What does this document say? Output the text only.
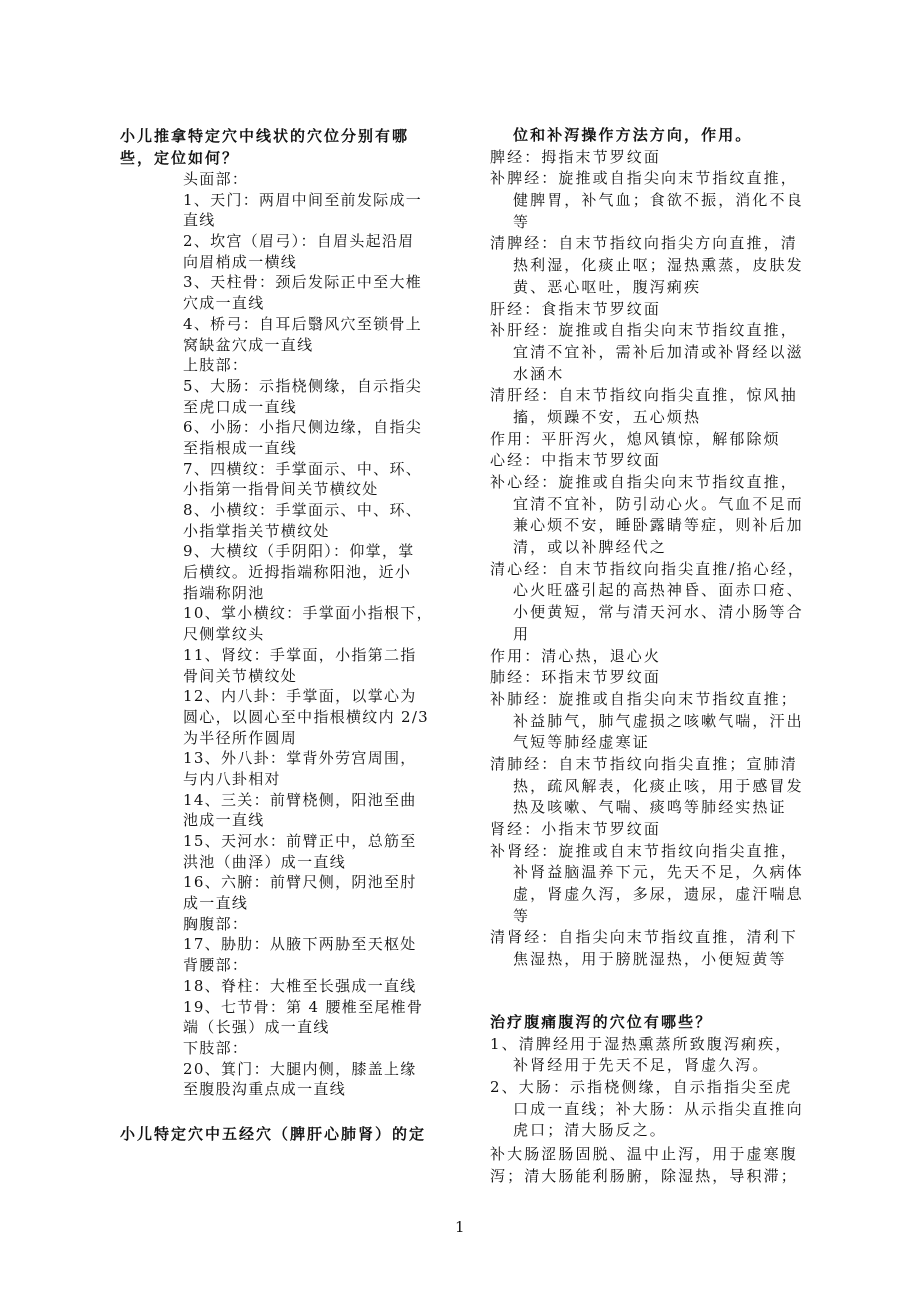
小儿推拿特定穴中线状的穴位分别有哪
些，定位如何？
头面部：
1、天门：两眉中间至前发际成一
直线
2、坎宫（眉弓）：自眉头起沿眉
向眉梢成一横线
3、天柱骨：颈后发际正中至大椎
穴成一直线
4、桥弓：自耳后翳风穴至锁骨上
窝缺盆穴成一直线
上肢部：
5、大肠：示指桡侧缘，自示指尖
至虎口成一直线
6、小肠：小指尺侧边缘，自指尖
至指根成一直线
7、四横纹：手掌面示、中、环、
小指第一指骨间关节横纹处
8、小横纹：手掌面示、中、环、
小指掌指关节横纹处
9、大横纹（手阴阳）：仰掌，掌
后横纹。近拇指端称阳池，近小
指端称阴池
10、掌小横纹：手掌面小指根下，
尺侧掌纹头
11、肾纹：手掌面，小指第二指
骨间关节横纹处
12、内八卦：手掌面，以掌心为
圆心，以圆心至中指根横纹内 2/3
为半径所作圆周
13、外八卦：掌背外劳宫周围，
与内八卦相对
14、三关：前臂桡侧，阳池至曲
池成一直线
15、天河水：前臂正中，总筋至
洪池（曲泽）成一直线
16、六腑：前臂尺侧，阴池至肘
成一直线
胸腹部：
17、胁肋：从腋下两胁至天枢处
背腰部：
18、脊柱：大椎至长强成一直线
19、七节骨：第 4 腰椎至尾椎骨
端（长强）成一直线
下肢部：
20、箕门：大腿内侧，膝盖上缘
至腹股沟重点成一直线
小儿特定穴中五经穴（脾肝心肺肾）的定
位和补泻操作方法方向，作用。
脾经：拇指末节罗纹面
补脾经：旋推或自指尖向末节指纹直推，
健脾胃，补气血；食欲不振，消化不良
等
清脾经：自末节指纹向指尖方向直推，清
热利湿，化痰止呕；湿热熏蒸，皮肤发
黄、恶心呕吐，腹泻痢疾
肝经：食指末节罗纹面
补肝经：旋推或自指尖向末节指纹直推，
宜清不宜补，需补后加清或补肾经以滋
水涵木
清肝经：自末节指纹向指尖直推，惊风抽
搐，烦躁不安，五心烦热
作用：平肝泻火，熄风镇惊，解郁除烦
心经：中指末节罗纹面
补心经：旋推或自指尖向末节指纹直推，
宜清不宜补，防引动心火。气血不足而
兼心烦不安，睡卧露睛等症，则补后加
清，或以补脾经代之
清心经：自末节指纹向指尖直推/掐心经，
心火旺盛引起的高热神昏、面赤口疮、
小便黄短，常与清天河水、清小肠等合
用
作用：清心热，退心火
肺经：环指末节罗纹面
补肺经：旋推或自指尖向末节指纹直推；
补益肺气，肺气虚损之咳嗽气喘，汗出
气短等肺经虚寒证
清肺经：自末节指纹向指尖直推；宣肺清
热，疏风解表，化痰止咳，用于感冒发
热及咳嗽、气喘、痰鸣等肺经实热证
肾经：小指末节罗纹面
补肾经：旋推或自末节指纹向指尖直推，
补肾益脑温养下元，先天不足，久病体
虚，肾虚久泻，多尿，遗尿，虚汗喘息
等
清肾经：自指尖向末节指纹直推，清利下
焦湿热，用于膀胱湿热，小便短黄等
治疗腹痛腹泻的穴位有哪些？
1、清脾经用于湿热熏蒸所致腹泻痢疾，
补肾经用于先天不足，肾虚久泻。
2、大肠：示指桡侧缘，自示指指尖至虎
口成一直线；补大肠：从示指尖直推向
虎口；清大肠反之。
补大肠涩肠固脱、温中止泻，用于虚寒腹
泻；清大肠能利肠腑，除湿热，导积滞；
1
